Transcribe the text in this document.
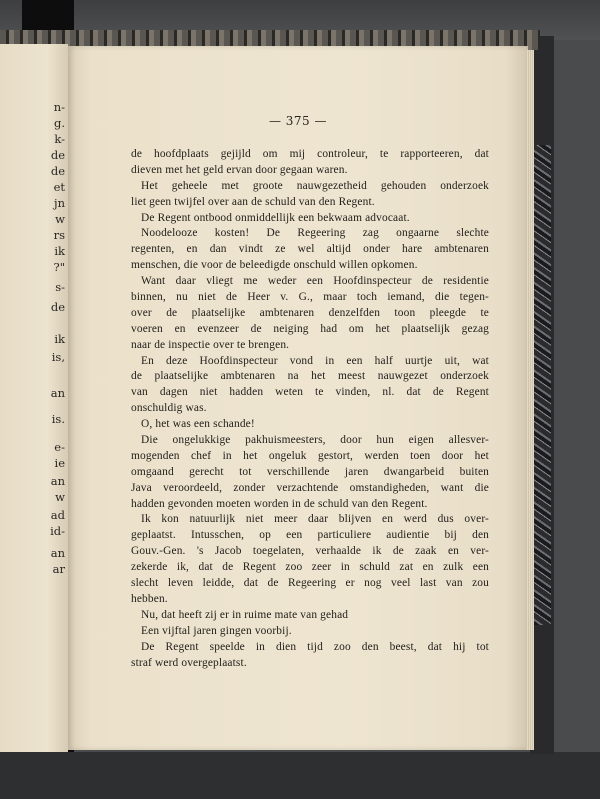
n-
g.
k-
de
de
et
jn
w
rs
ik
?"
s-
de
ik
is,
an
is.
e-
ie
an
w
ad
id-
an
ar
— 375 —
de hoofdplaats gejijld om mij controleur, te rapporteeren, dat
dieven met het geld ervan door gegaan waren.
Het geheele met groote nauwgezetheid gehouden onderzoek
liet geen twijfel over aan de schuld van den Regent.
De Regent ontbood onmiddellijk een bekwaam advocaat.
Noodelooze kosten! De Regeering zag ongaarne slechte
regenten, en dan vindt ze wel altijd onder hare ambtenaren
menschen, die voor de beleedigde onschuld willen opkomen.
Want daar vliegt me weder een Hoofdinspecteur de residentie
binnen, nu niet de Heer v. G., maar toch iemand, die tegen-
over de plaatselijke ambtenaren denzelfden toon pleegde te
voeren en evenzeer de neiging had om het plaatselijk gezag
naar de inspectie over te brengen.
En deze Hoofdinspecteur vond in een half uurtje uit, wat
de plaatselijke ambtenaren na het meest nauwgezet onderzoek
van dagen niet hadden weten te vinden, nl. dat de Regent
onschuldig was.
O, het was een schande!
Die ongelukkige pakhuismeesters, door hun eigen allesver-
mogenden chef in het ongeluk gestort, werden toen door het
omgaand gerecht tot verschillende jaren dwangarbeid buiten
Java veroordeeld, zonder verzachtende omstandigheden, want die
hadden gevonden moeten worden in de schuld van den Regent.
Ik kon natuurlijk niet meer daar blijven en werd dus over-
geplaatst. Intusschen, op een particuliere audientie bij den
Gouv.-Gen. 's Jacob toegelaten, verhaalde ik de zaak en ver-
zekerde ik, dat de Regent zoo zeer in schuld zat en zulk een
slecht leven leidde, dat de Regeering er nog veel last van zou
hebben.
Nu, dat heeft zij er in ruime mate van gehad
Een vijftal jaren gingen voorbij.
De Regent speelde in dien tijd zoo den beest, dat hij tot
straf werd overgeplaatst.
